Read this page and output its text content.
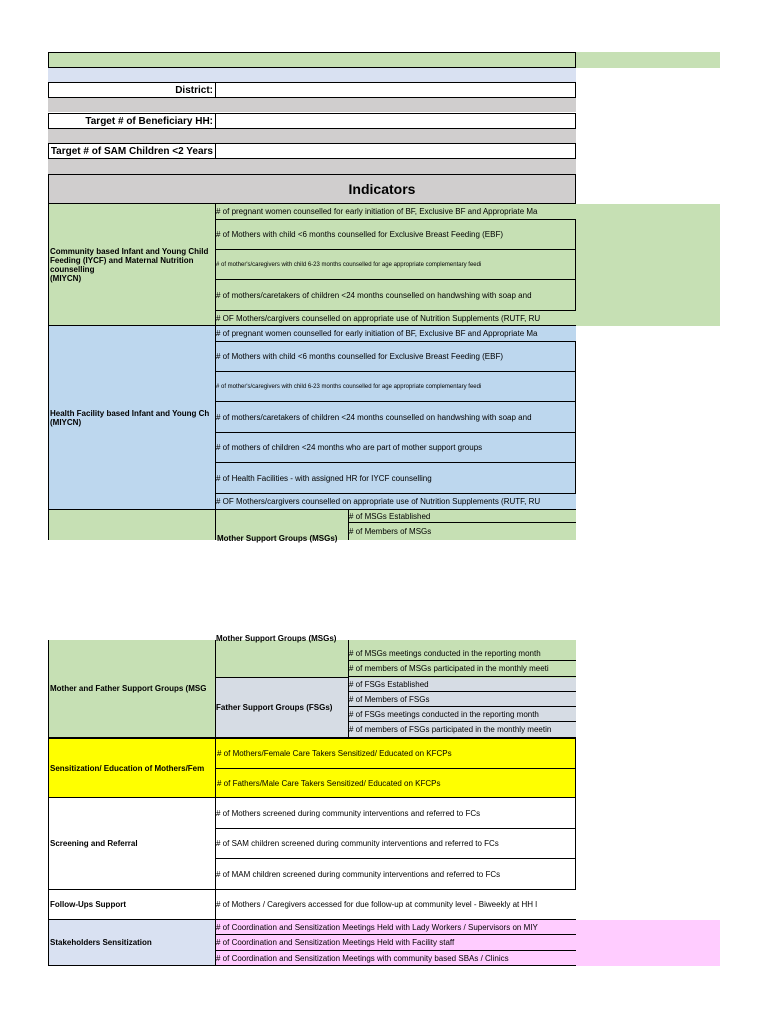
District:
Target # of Beneficiary HH:
Target # of SAM Children <2 Years
Indicators
Community based Infant and Young Child Feeding (IYCF) and Maternal Nutrition counselling
(MIYCN)
# of pregnant women counselled for early initiation of BF, Exclusive BF and Appropriate Ma
# of Mothers with child <6 months counselled for Exclusive Breast Feeding (EBF)
# of mother's/caregivers with child 6-23 months counselled for age appropriate complementary feedi
# of mothers/caretakers of children <24 months counselled on handwshing with soap and
# OF Mothers/cargivers counselled on appropriate use of Nutrition Supplements (RUTF, RU
Health Facility based Infant and Young Ch
(MIYCN)
# of pregnant women counselled for early initiation of BF, Exclusive BF and Appropriate Ma
# of Mothers with child <6 months counselled for Exclusive Breast Feeding (EBF)
# of mother's/caregivers with child 6-23 months counselled for age appropriate complementary feedi
# of mothers/caretakers of children <24 months counselled on handwshing with soap and
# of mothers of children <24 months who are part of mother support groups
# of Health Facilities - with assigned HR for IYCF counselling
# OF Mothers/cargivers counselled on appropriate use of Nutrition Supplements (RUTF, RU
Mother Support Groups (MSGs)
# of MSGs Established
# of Members of MSGs
Mother and Father Support Groups (MSG
Mother Support Groups (MSGs)
# of MSGs meetings conducted in the reporting month
# of members of MSGs participated in the monthly meeti
Father Support Groups (FSGs)
# of FSGs Established
# of Members of FSGs
# of FSGs meetings conducted in the reporting month
# of members of FSGs participated in the monthly meetin
Sensitization/ Education of Mothers/Fem
# of Mothers/Female Care Takers Sensitized/ Educated on KFCPs
# of Fathers/Male Care Takers Sensitized/ Educated on KFCPs
Screening and Referral
# of Mothers screened during community interventions and referred to FCs
# of SAM children screened during community interventions and referred to FCs
# of MAM children screened during community interventions and referred to FCs
Follow-Ups Support	# of Mothers / Caregivers accessed for due follow-up at community level - Biweekly at HH l
Stakeholders Sensitization
# of Coordination and Sensitization Meetings Held with Lady Workers / Supervisors on MIY
# of Coordination and Sensitization Meetings Held with Facility staff
# of Coordination and Sensitization Meetings with community based SBAs / Clinics
